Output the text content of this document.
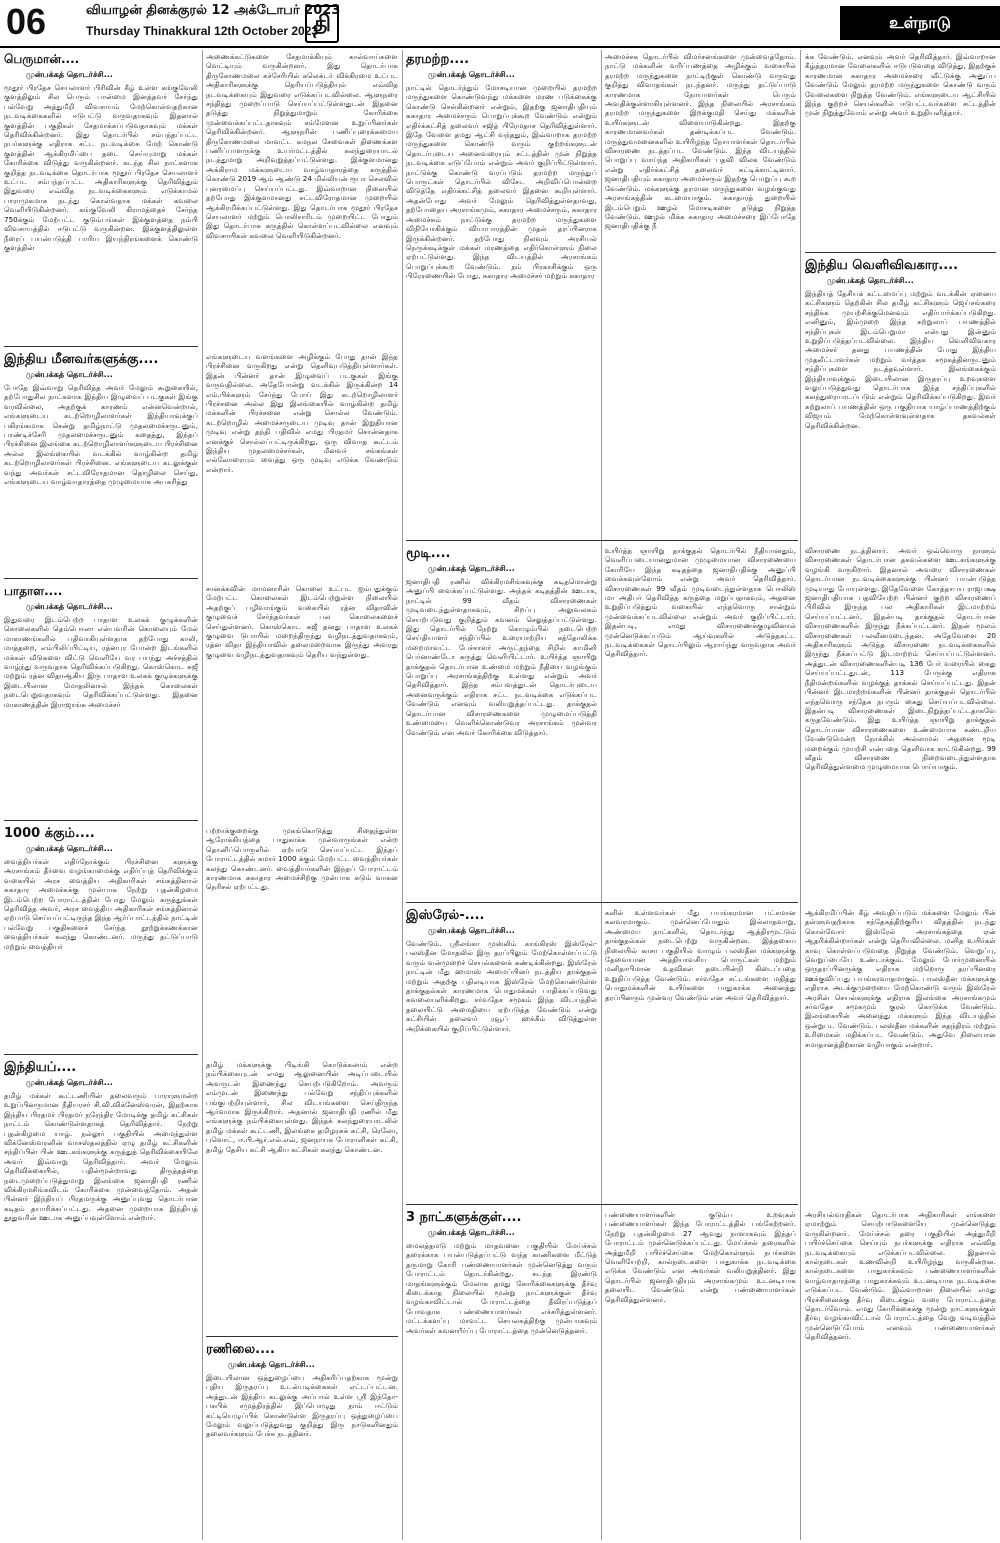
06	வியாழன் தினக்குரல் 12 அக்டோபர் 2023
Thursday Thinakkural 12th October 2023
தி	உள்நாடு
பெருமான்....
முன்பக்கத் தொடர்ச்சி...
மூதூர் பிரதேச செயலாளர் பிரிவின் கீழ் உள்ள கங்குவேலி குளத்திலும் சில பெரும் பான்மை இனத்தவர் சேர்ந்து பல்வேறு அத்துமீறி விவசாயம் மேற்கொள்வதற்கான நடவடிக்கைகளில் ஈடுபட்டு வருவதாகவும் இதனால் குளத்தின் பகுதிகள் சேதமாக்கப்படுவதாகவும் மக்கள் தெரிவிக்கின்றனர். இது தொடர்பில் சம்பந்தப்பட்ட நபர்களுக்கு எதிராக சட்ட நடவடிக்கை மேற் கொண்டு குளத்தின் ஆக்கிரமிப்பை தடை செய்யுமாறு மக்கள் கோரிக்கை விடுத்து வருகின்றனர். கடந்த சில நாட்களாக குறித்த நடவடிக்கை தொடர்பாக மூதூர் பிரதேச செயலாளர் உட்பட சம்பந்தப்பட்ட அதிகாரிகளுக்கு தெரிவித்தும் இதுவரை எவ்வித நடவடிக்கைகளும் எடுக்காமல் பாராமுகமாக நடந்து கொள்வதாக மக்கள் கவலை வெளியிடுகின்றனர். கங்குவேலி கிராமத்தைச் சேர்ந்த 750க்கும் மேற்பட்ட குடும்பங்கள் இக்குளத்தை நம்பி விவசாயத்தில் ஈடுபட்டு வருகின்றன. இக்குளத்திலுள்ள நீரைப் பயன்படுத்தி பாரிய இயந்திரங்களைக் கொண்டு குளத்தின்
இந்திய மீனவர்களுக்கு....
முன்பக்கத் தொடர்ச்சி...
போதே இவ்வாறு தெரிவித்த அவர் மேலும் கூறுகையில், தற்போதுசில நாட்களாக இந்திய இழுவைப் படகுகள் இங்கு வரவில்லை, அதற்குக் காரணம் என்னவென்றால், எங்களுடைய கடற்றொழிலாளர்கள் இந்தியாவுக்குப் பகிரங்கமாக சென்று தமிழ்நாட்டு முதலமைச்சருடனும், பாண்டிச்சேரி முதலமைச்சருடனும் கதைத்து, இந்தப் பிரச்சினை இலங்கை கடற்றொழிலாளர்களுடைய பிரச்சினை அல்ல இலங்கையில் வடக்கில் வாழ்கின்ற தமிழ் கடற்றொழிலாளர்கள் பிரச்சினை. எங்களுடைய கடலுக்குள் வந்து அவர்கள் சட்டவிரோதமான தொழிலை செய்து, எங்களுடைய வாழ்வாதாரத்தை முழுமையாக அபகரித்து
பாதாள....
முன்பக்கத் தொடர்ச்சி...
இதுவரை இடம்பெற்ற பாதாள உலகக் குழுக்களின் கொலைகளில் தெம்பொலா என்பவரின் கொலையும் மேல் மாகாணங்களில் பதிவாகியுள்ளதாக தற்போது காலி, மாத்தறை, எம்பிலிப்பிட்டிய, ரத்னபுர போன்ற இடங்களில் மக்கள் வீடுகளை விட்டு வெளியே வர பயந்து அச்சத்தில் வாழ்ந்து வருவதாக தெரிவிக்கப்படுகிறது. கொஸ்கொட சுஜீ மற்றும் ரத்ன விதாஆகிய இரு பாதாள உலகக் குழுக்களுக்கு இடையிலான மோதலினால் இந்தக் கொலைகள் நடைபெறுவதாகவும் தெரிவிக்கப்பட்டுள்ளது. இதனை மாகாணத்தின் இராஜாங்க அமைச்சர்
1000 க்கும்....
முன்பக்கத் தொடர்ச்சி...
வைத்தியர்கள் எதிர்நோக்கும் பிரச்சினை களுக்கு அரசாங்கம் தீர்வை வழங்காமைக்கு எதிர்ப்புத் தெரிவிக்கும் வகையில் அரச வைத்திய அதிகாரிகள் சங்கத்தினால் சுகாதார அமைச்சுக்கு முன்பாக நேற்று புதன்கிழமை இடம்பெற்ற போராட்டத்தின் போது மேலும் கருத்துக்கள் தெரிவித்த அவர், அரச வைத்திய அதிகாரிகள் சங்கத்தினால் ஏற்பாடு செய்யப்பட்டிருந்த இந்த ஆர்ப்பாட்டத்தில் நாட்டின் பல்வேறு பகுதிகளைச் சேர்ந்த நூற்றுக்கணக்கான வைத்தியர்கள் கலந்து கொண்டனர். மருந்து தட்டுப்பாடு மற்றும் வைத்தியர்
இந்தியப்....
முன்பக்கத் தொடர்ச்சி...
தமிழ் மக்கள் கூட்டணியின் தலைவரும் பாராளுமன்ற உறுப்பினருமான நீதியரசர் சி.வி.விக்னேஸ்வரன், இதற்காக இந்திய பிரதமர் பிரதமர் நரேந்திர மோடிக்கு தமிழ் கட்சிகள் நாட்டம் கொண்டுள்ளதாகத் தெரிவித்தார். நேற்று புதன்கிழமை யாழ். நல்லூர் பகுதியில் அமைந்துள்ள விக்னேஸ்வரனின் வாசஸ்தலத்தில் ஏழு தமிழ் கட்சிகளின் சந்திப்பின் பின் ஊடகங்களுக்கு கருத்துத் தெரிவிக்கையிலே அவர் இவ்வாறு தெரிவித்தார். அவர் மேலும் தெரிவிக்கையில், பதின்மூன்றாவது திருத்தத்தை நடைமுறைப்படுத்துமாறு இலங்கை ஜனாதிபதி ரணில் விக்கிரமசிங்கவிடம் கோரிக்கை முன்வைத்தோம். அதன் பின்னர் இந்தியப் பிரதமருக்கு அனுப்புவது தொடர்பான கடிதம் தயாரிக்கப்பட்டது. அதனை முறையாக இந்தியத் தூதுவரின் ஊடாக அனுப்பவுள்ளோம் என்றார்.
அணைக்கட்டுகளை சேதமாக்கியும் கால்வாய்களை வெட்டியும் வருகின்றனர். இது தொடர்பாக திருகோணமலை கச்சேரியில் கலெக்டர் விக்கிரமை உட்பட அதிகாரிகளுக்கு தெரியப்படுத்தியும் எவ்வித நடவடிக்கையும் இதுவரை எடுக்கப்படவில்லை. ஆளுநரை சந்தித்து முறைப்பாடு செய்யப்பட்டுள்ளதுடன் இதனை தடுத்து நிறுத்துமாறும் கோரிக்கை முன்வைக்கப்பட்டதாகவும் சம்மேளன உறுப்பினர்கள் தெரிவிக்கின்றனர். ஆளுநரின் பணிப்புரைக்கமைய திருகோணமலை மாவட்ட கமநல சேவைகள் திணைக்கள பணிப்பாளருக்கு உயர்மட்டத்தில் கலந்துரையாடல் நடத்துமாறு அறிவுறுத்தப்பட்டுள்ளது. இக்குளமானது அக்கிராம மக்களுடைய வாழ்வாதாரத்தை கருத்தில் கொண்டு 2019 ஆம் ஆண்டு 24 மில்லியன் ரூபா செலவில் புனரமைப்பு செய்யப்பட்டது. இவ்வாறான நிலையில் தற்போது இக்குளமானது சட்டவிரோதமான முறையில் ஆக்கிரமிக்கப்பட்டுள்ளது. இது தொடர்பாக மூதூர் பிரதேச செயலாளர் மற்றும் பொலிசாரிடம் முறையிட்ட போதும் இது தொடர்பாக கருத்தில் கொள்ளப்படவில்லை எனவும் விவசாயிகள் கவலை வெளியிடுகின்றனர்.
எங்களுடைய வளங்களை அழிக்கும் போது தான் இந்த பிரச்சினை வருகிறது என்று தெளிவுபடுத்தியுள்ளார்கள். இதன் பின்னர் தான் இழுவைப் படகுகள் இங்கு வருவதில்லை. அதேபோன்று வடக்கில் இருக்கின்ற 14 எம்.பிக்களும் சேர்ந்து போய் இது கடற்றொழிலாளர் பிரச்சனை அல்ல இது இலங்கையில் வாழ்கின்ற தமிழ் மக்களின் பிரச்சனை என்று சொல்ல வேண்டும். கடற்றொழில் அமைச்சருடைய முடிவு தான் இறுதியான முடிவு என்று தந்தி பதிவில் எமது பிரதமர் சொன்னதாக எனக்குச் சொல்லப்பட்டிருக்கிறது, ஒரு விவாத கூட்டம் இந்திய முதலமைச்சர்கள், மீனவர் சங்கங்கள் எல்லோரையும் வைத்து ஒரு முடிவு எடுக்க வேண்டும் என்றார்.
சானக்கவின் மாமனாரின் கொலை உட்பட ஐம்பதுக்கும் மேற்பட்ட கொலைகள் இடம்பெற்றுள்ள நிலையில் அதற்குப் பழிவாங்கும் வகையில் ரத்ன விதாவின் குழுவைச் சேர்ந்தவர்கள் பல கொலைகளைச் செய்துள்ளனர். கொஸ்கொட சுஜீ தனது பாதாள உலகக் குழுவை டுபாயில் மறைந்திருந்து வழிநடத்துவதாகவும், ரத்ன விதா இந்தியாவில் தலைமறைவாக இருந்து அவரது குழுவை வழிநடத்துவதாகவும் தெரிய வந்துள்ளது.
பற்றாக்குறைக்கு முகங்கொடுத்து சிதைந்துள்ள ஆரோக்கியத்தை பாதுகாக்க முன்வாருங்கள் என்ற தொனிப்பொருளில் ஏற்பாடு செய்யப்பட்ட இந்தப் போராட்டத்தில் சுமார் 1000 க்கும் மேற்பட்ட வைத்தியர்கள் கலந்து கொண்டனர். வைத்தியர்களின் இந்தப் போராட்டம் காரணமாக சுகாதார அமைச்சிற்கு முன்பாக கடும் வாகன நெரிசல் ஏற்பட்டது.
தமிழ் மக்களுக்கு பிடிங்கி கொடுக்கலாம் என்ற நம்பிக்கையுடன் எமது ஆலுனையின் அடிப்படையில் அவருடன் இணைந்து செயற்படுகிறோம். அவரும் எம்முடன் இணைந்து பல்வேறு சந்திப்புக்களில் பங்குபற்றியுள்ளார், சில விடயங்களை செய்திருந்த ஆர்வமாக இருக்கிறார். அதனால் ஜனாதிபதி ரணில் மீது எங்களுக்கு நம்பிக்கையுள்ளது. இந்தக் கலந்துரையாடலில் தமிழ் மக்கள் கூட்டணி, இலங்கை தமிழரசுக் கட்சி, ரெலோ, புளொட், ஈ.பி.ஆர்.எல்.எவ், ஜனநாயக போராளிகள் கட்சி, தமிழ் தேசிய கட்சி ஆகிய கட்சிகள் கலந்து கொண்டன.
ரணிலை....
முன்பக்கத் தொடர்ச்சி...
இடையிலான ஒத்துழைப்பை அதிகரிப்பதற்காக மூன்று புதிய இருதரப்பு உடன்படிக்கைகள் எட்டப்பட்டன. அத்துடன் இந்திய கடலுக்கு அப்பால் உள்ள ஸ்ரீ இந்தோ-பசுபிக் சமுத்திரத்தில் இப்பொழுது நாம் ஈட்டும் கட்டியெழுப்பிக் கொண்டுள்ள இருதரப்பு ஒத்துழைப்பை மேலும் வலுப்படுத்துவது குறித்து இரு நாடுகளினதும் தலைவர்களும் பேச்சு நடத்தினர்.
தரமற்ற....
முன்பக்கத் தொடர்ச்சி...
நாட்டில் தொடர்ந்தும் மோசடியான முறையில் தரமற்ற மருந்துகளை கொண்டுவந்து மக்களை மரண படுக்கைக்கு கொண்டு செல்கின்றனர் என்றும், இதற்கு ஜனாதிபதியும் சுகாதார அமைச்சரும் பொறுப்புக்கூற வேண்டும் என்றும் எதிர்க்கட்சித் தலைவர் சஜித் பிரேமதாச தெரிவித்துள்ளார். இதே வேளை தமது ஆட்சி வந்ததும், இவ்வாறாக தரமற்ற மருந்துகளை கொண்டு வரும் குற்றங்களுடன் தொடர்புடைய அனைவரையும் சட்டத்தின் முன் நிறுத்த நடவடிக்கை எடுப்போம் என்றும் அவர் குறிப்பிட்டுள்ளார். நாட்டுக்கு கொண்டு வரப்படும் தரமற்ற மருந்துப் பொருட்கள் தொடர்பில் விசேட அறிவிப்பொன்றை விடுத்தே எதிர்க்கட்சித் தலைவர் இதனை கூறியுள்ளார். அதன்போது அவர் மேலும் தெரிவித்துள்ளதாவது, தற்போதைய அரசாங்கமும், சுகாதார அமைச்சரும், சுகாதார அமைச்சும் நாட்டுக்கு தரமற்ற மருந்துகளை விநியோகிக்கும் வியாபாரத்தின் முதல் தரப்பினராக இருக்கின்றனர். தற்போது நிலவும் அரசியல் நெருக்கடிக்குள் மக்கள் மரணத்தை எதிர்கொள்ளும் நிலை ஏற்பட்டுள்ளது. இந்த விடயத்தில் அரசாங்கம் பொறுப்புக்கூற வேண்டும். நம் பிரகாசிக்கும் ஒரு பிரேரணையின் போது, சுகாதார அமைச்சர் மற்றும் சுகாதார
மூடி....
முன்பக்கத் தொடர்ச்சி...
ஜனாதிபதி ரணில் விக்கிரமசிங்கவுக்கு கடிதமொன்று அனுப்பி வைக்கப்பட்டுள்ளது. அந்தக் கடிதத்தின் ஊடாக, நாட்டில் 99 வீதம் விசாரணைகள் முடிவடைந்துள்ளதாகவும், சிறப்பு அலுவலகம் செயற்படுவது குறித்தும் கவனம் செலுத்தப்பட்டுள்ளது. இது தொடர்பில் நேற்று கொழும்பில் நடைபெற்ற செய்தியாளர் சந்திப்பில் உரையாற்றிய கத்தோலிக்க மறைமாவட்ட பேச்சாளர் அருட்தந்தை சிறில் காமினி பெர்னாண்டோ கருத்து வெளியிட்டார். உயிர்த்த ஞாயிறு தாக்குதல் தொடர்பான உண்மை மற்றும் நீதியை வழங்கும் பொறுப்பு அரசாங்கத்திற்கு உள்ளது என்றும் அவர் தெரிவித்தார். இந்த சம்பவத்துடன் தொடர்புடைய அனைவருக்கும் எதிராக சட்ட நடவடிக்கை எடுக்கப்பட வேண்டும் எனவும் வலியுறுத்தப்பட்டது. தாக்குதல் தொடர்பான விசாரணைகளை முழுமைப்படுத்தி உண்மையை வெளிக்கொண்டுவர அரசாங்கம் முன்வர வேண்டும் என அவர் கோரிக்கை விடுத்தார்.
இஸ்ரேல்-....
முன்பக்கத் தொடர்ச்சி...
வேண்டும். ஸ்ரீலங்கா முஸ்லிம் காங்கிரஸ் இஸ்ரேல்-பலஸ்தீன மோதலில் இரு தரப்பிலும் மேற்கொள்ளப்பட்டு வரும் வன்முறைச் செயல்களைக் கண்டிக்கின்றது. இஸ்ரேல் நாட்டின் மீது ஹமாஸ் அமைப்பினர் நடத்திய தாக்குதல் மற்றும் அதற்கு பதிலடியாக இஸ்ரேல் மேற்கொண்டுள்ள தாக்குதல்கள் காரணமாக பொதுமக்கள் பாதிக்கப்படுவது கவலையளிக்கிறது. சர்வதேச சமூகம் இந்த விடயத்தில் தலையிட்டு அமைதியை ஏற்படுத்த வேண்டும் என்று கட்சியின் தலைவர் ரவூப் ஹக்கீம் விடுத்துள்ள அறிக்கையில் குறிப்பிட்டுள்ளார்.
3 நாட்களுக்குள்....
முன்பக்கத் தொடர்ச்சி...
மைலத்தமடு மற்றும் மாதவனை பகுதியில் மேய்ச்சல் தரைக்காக பயன்படுத்தப்பட்டு வந்த காணிகளை மீட்டுத் தருமாறு கோரி பண்ணையாளர்கள் முன்னெடுத்து வரும் போராட்டம் தொடர்கின்றது. கடந்த இரண்டு மாதங்களுக்கும் மேலாக தமது கோரிக்கைகளுக்கு தீர்வு கிடைக்காத நிலையில் மூன்று நாட்களுக்குள் தீர்வு வழங்காவிட்டால் போராட்டத்தை தீவிரப்படுத்தப் போவதாக பண்ணையாளர்கள் எச்சரித்துள்ளனர். மட்டக்களப்பு மாவட்ட செயலகத்திற்கு முன்பாகவும் அவர்கள் கவனயீர்ப்பு போராட்டத்தை முன்னெடுத்தனர்.
அமைச்சக தொடர்பில் விமர்சனங்களை முன்வைத்தோம். நாட்டு மக்களின் வரிப்பணத்தை அழிக்கும் வகையில் தரமற்ற மருந்துகளை நாட்டிற்குள் கொண்டு வருவது குறித்து விவாதங்கள் நடந்தனர். மருந்து தட்டுப்பாடு காரணமாக நோயாளர்கள் பெரும் அவதிக்குள்ளாகியுள்ளனர். இந்த நிலையில் அரசாங்கம் தரமற்ற மருந்துகளை இறக்குமதி செய்து மக்களின் உயிர்களுடன் விளையாடுகின்றது. இதற்கு காரணமானவர்கள் தண்டிக்கப்பட வேண்டும். மருத்துவமனைகளில் உயிரிழந்த நோயாளர்கள் தொடர்பில் விசாரணை நடத்தப்பட வேண்டும். இந்த விடயத்தில் பொறுப்பு வாய்ந்த அதிகாரிகள் பதவி விலக வேண்டும் என்று எதிர்க்கட்சித் தலைவர் சுட்டிக்காட்டினார். ஜனாதிபதியும் சுகாதார அமைச்சரும் இதற்கு பொறுப்பு கூற வேண்டும். மக்களுக்கு தரமான மருந்துகளை வழங்குவது அரசாங்கத்தின் கடமையாகும். சுகாதாரத் துறையில் இடம்பெறும் ஊழல் மோசடிகளை தடுத்து நிறுத்த வேண்டும். ஊழல் மிக்க சுகாதார அமைச்சரை இப்போதே ஜனாதிபதிக்கு நீ
உயிர்த்த ஞாயிறு தாக்குதல் தொடர்பில் நீதியானதும், வெளிப்படையானதுமான முழுமையான விசாரணையை கோரியே இந்த கடிதத்தை ஜனாதிபதிக்கு அனுப்பி வைக்கவுள்ளோம் என்று அவர் தெரிவித்தார். விசாரணைகள் 99 வீதம் முடிவடைந்துள்ளதாக பொலிஸ் மா அதிபர் தெரிவித்த கருத்தை மறுப்பதாகவும், அதனை உறுதிப்படுத்தும் வகையில் எந்தவொரு சான்றும் முன்வைக்கப்படவில்லை என்றும் அவர் குறிப்பிட்டார். இதன்படி, எமது விசாரணைக்குழுவினால் முன்னெடுக்கப்படும் ஆய்வுகளில் அடுத்தகட்ட நடவடிக்கைகள் தொடர்பிலும் ஆராய்ந்து வருவதாக அவர் தெரிவித்தார்.
களில் உள்ளவர்கள் மீது பயங்கரமான பட்சமான கலவரமாகும். முன்னெப்போதும் இல்லாதவாறு, அண்மைய நாட்களில், தொடர்ந்து ஆத்திரமூட்டும் தாக்குதல்கள் நடைபெற்று வருகின்றன. இத்தகைய நிலையில் காசா பகுதியில் வாழும் பலஸ்தீன மக்களுக்கு தேவையான அத்தியாவசிய பொருட்கள் மற்றும் மனிதாபிமான உதவிகள் தடையின்றி கிடைப்பதை உறுதிப்படுத்த வேண்டும். சர்வதேச சட்டங்களை மதித்து பொதுமக்களின் உயிர்களை பாதுகாக்க அனைத்து தரப்பினரும் முன்வர வேண்டும் என அவர் தெரிவித்தார்.
பண்ணையாளர்களின் குடும்ப உறவுகள் பண்ணையாளர்கள் இந்த போராட்டத்தில் பங்கேற்றனர். நேற்று புதன்கிழமை 27 ஆவது நாளாகவும் இந்தப் போராட்டம் முன்னெடுக்கப்பட்டது. மேய்ச்சல் தரைகளில் அத்துமீறி பயிர்ச்செய்கை மேற்கொள்ளும் நபர்களை வெளியேற்றி, கால்நடைகளை பாதுகாக்க நடவடிக்கை எடுக்க வேண்டும் என அவர்கள் வலியுறுத்தினர். இது தொடர்பில் ஜனாதிபதியும் அரசாங்கமும் உடனடியாக தலையிட வேண்டும் என்று பண்ணையாளர்கள் தெரிவித்துள்ளனர்.
க்க வேண்டும். எனவும் அவர் தெரிவித்தார். இவ்வாறான கீழ்த்தரமான வேலைகளில் ஈடுபடுவதை விடுத்து, இதற்குக் காரணமான சுகாதார அமைச்சரை வீட்டுக்கு அனுப்ப வேண்டும் மேலும் தரமற்ற மருந்துகளை கொண்டு வரும் வேலைகளை நிறுத்த வேண்டும். எங்களுடைய ஆட்சியில் இந்த குற்றச் செயல்களில் ஈடுபட்டவர்களை சட்டத்தின் முன் நிறுத்துவோம் என்று அவர் உறுதியளித்தார்.
இந்திய வெளிவிவகார....
முன்பக்கத் தொடர்ச்சி...
இந்தியத் தேசியக் கட்டமைப்பு மற்றும் வடக்கின் ஏனைய கட்சிகளும் தெற்கின் சில தமிழ் கட்சிகளும் ஜெய்சங்கரை சந்திக்க முயற்சிக்குமெனவும் எதிர்பார்க்கப்படுகிறது. எனினும், இம்முறை இந்த சுற்றுலாப் பயணத்தில் சந்திப்புகள் இடம்பெறுமா என்பது இன்னும் உறுதிப்படுத்தப்படவில்லை. இந்திய வெளிவிவகார அமைச்சர் தனது பயணத்தின் போது இந்திய முதலீட்டாளர்கள் மற்றும் வர்த்தக சமூகத்தினருடனும் சந்திப்புகளை நடத்தவுள்ளார். இலங்கைக்கும் இந்தியாவுக்கும் இடையிலான இருதரப்பு உறவுகளை வலுப்படுத்துவது தொடர்பாக இந்த சந்திப்புகளில் கலந்துரையாடப்படும் என்றும் தெரிவிக்கப்படுகிறது. இவர் சுற்றுலாப் பயணத்தின் ஒரு பகுதியாக யாழ்ப்பாணத்திற்கும் விஜயம் மேற்கொள்ளவுள்ளதாக தகவல்கள் தெரிவிக்கின்றன.
விசாரணை நடத்தினார். அவர் ஒவ்வொரு நாளும் விசாரணைகள் தொடர்பான தகவல்களை ஊடகங்களுக்கு வழங்கி வருகிறார். இதனால் அவரை விசாரணைகள் தொடர்பான நடவடிக்கைகளுக்கு பின்னர் பயன்படுத்த முடியாது போயுள்ளது. இதேவேளை கோத்தாபய ராஜபக்ஷ ஜனாதிபதியாக பதவியேற்ற பின்னர் குற்ற விசாரணைப் பிரிவில் இருந்த பல அதிகாரிகள் இடமாற்றம் செய்யப்பட்டனர். இதன்படி தாக்குதல் தொடர்பான விசாரணைகளில் இருந்து நீக்கப்பட்டனர். இதன் மூலம் விசாரணைகள் பலவீனமடைந்தன. அதேவேளை 20 அதிகாரிகளும் அடுத்த விசாரணை நடவடிக்கைகளில் இருந்து நீக்கப்பட்டு இடமாற்றம் செய்யப்பட்டுள்ளனர். அத்துடன் விசாரணைகளின்படி 136 பேர் வரையில் கைது செய்யப்பட்டதுடன், 113 பேருக்கு எதிராக நீதிமன்றங்களில் வழக்குத் தாக்கல் செய்யப்பட்டது. இதன் பின்னர் இடமாற்றங்களின் பின்னர் தாக்குதல் தொடர்பில் எந்தவொரு சந்தேக நபரும் கைது செய்யப்படவில்லை. இதன்படி விசாரணைகள் இடைநிறுத்தப்பட்டதாகவே கருதவேண்டும். இது உயிர்த்த ஞாயிறு தாக்குதல் தொடர்பான விசாரணைகளை உண்மையாக கண்டறிய வேண்டுமென்ற நோக்கில் அல்லாமல் அதனை மூடி மறைக்கும் முயற்சி என்பதை தெளிவாக காட்டுகின்றது. 99 வீதம் விசாரணை நிறைவடைந்துள்ளதாக தெரிவித்துள்ளமை முழுமையாக பொய்யாகும்.
ஆக்கிரமிப்பின் கீழ் அவதிப்படும் மக்களை மேலும் பின் தள்ளுவதற்காக சந்தேகத்திற்குரிய விதத்தில் நடந்து கொள்வோர் இஸ்ரேல் அரசாங்கத்தை ஏன் ஆதரிக்கின்றார்கள் என்று தெரியவில்லை. மனித உயிர்கள் காவு கொள்ளப்படுவதை நிறுத்த வேண்டும். வெறுப்பு, வெறுப்பையே உண்டாக்கும். மேலும் போர்முனையில் ஒருதரப்பினருக்கு எதிராக மற்றொரு தரப்பினரை ஊக்குவிப்பது பயங்கரவாதமாகும். பாலஸ்தீன மக்களுக்கு எதிராக அடக்குமுறையை மேற்கொண்டு வரும் இஸ்ரேல் அரசின் செயல்களுக்கு எதிராக இலங்கை அரசாங்கமும் சர்வதேச சமூகமும் குரல் கொடுக்க வேண்டும். இலங்கையின் அனைத்து மக்களும் இந்த விடயத்தில் ஒன்றுபட வேண்டும். பலஸ்தீன மக்களின் சுதந்திரம் மற்றும் உரிமைகள் மதிக்கப்பட வேண்டும். அதுவே நிலையான சமாதானத்திற்கான வழியாகும் என்றார்.
அரசியல்வாதிகள் தொடர்பாக அதிகாரிகள் எங்களை ஏமாற்றும் செயற்பாடுகளையே முன்னெடுத்து வருகின்றனர். மேய்ச்சல் தரை பகுதியில் அத்துமீறி பயிர்ச்செய்கை செய்யும் நபர்களுக்கு எதிராக எவ்வித நடவடிக்கையும் எடுக்கப்படவில்லை. இதனால் கால்நடைகள் உணவின்றி உயிரிழந்து வருகின்றன. கால்நடைகளை பாதுகாக்கவும் பண்ணையாளர்களின் வாழ்வாதாரத்தை பாதுகாக்கவும் உடனடியாக நடவடிக்கை எடுக்கப்பட வேண்டும். இவ்வாறான நிலையில் எமது பிரச்சினைக்கு தீர்வு கிடைக்கும் வரை போராட்டத்தை தொடர்வோம். எமது கோரிக்கைக்கு மூன்று நாட்களுக்குள் தீர்வு வழங்காவிட்டால் போராட்டத்தை வேறு வடிவத்தில் முன்னெடுப்போம் எனவும் பண்ணையாளர்கள் தெரிவித்தனர்.
